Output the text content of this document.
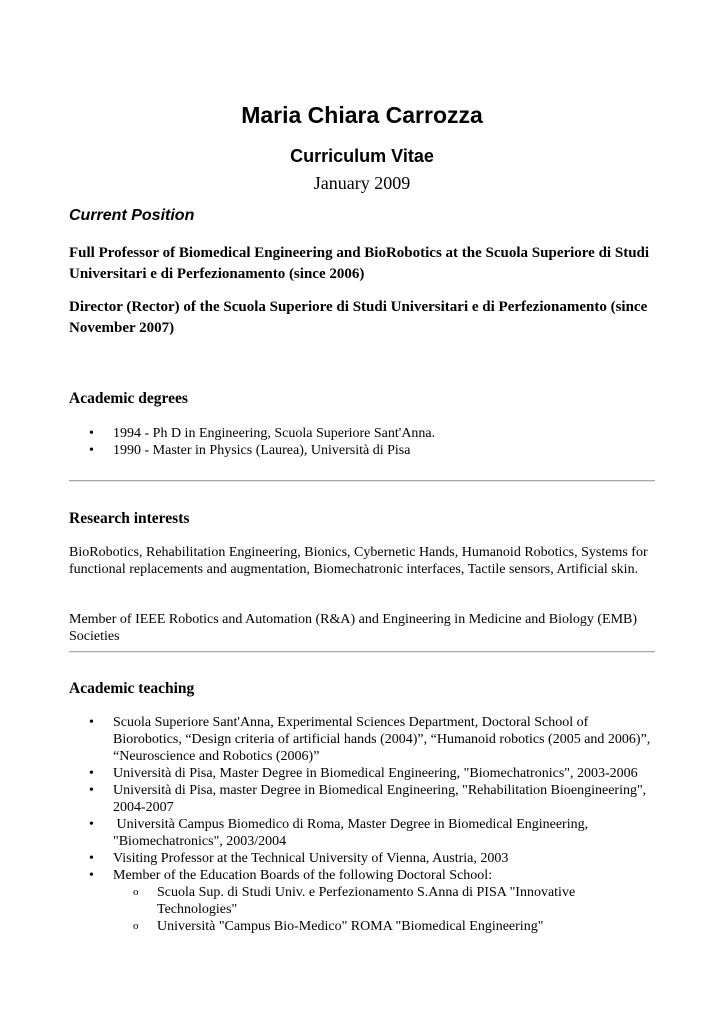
Maria Chiara Carrozza
Curriculum Vitae
January 2009
Current Position
Full Professor of Biomedical Engineering and BioRobotics at the Scuola Superiore di Studi Universitari e di Perfezionamento (since 2006)
Director (Rector) of the Scuola Superiore di Studi Universitari e di Perfezionamento (since November 2007)
Academic degrees
• 1994 - Ph D in Engineering, Scuola Superiore Sant'Anna.
• 1990 - Master in Physics (Laurea), Università di Pisa
Research interests
BioRobotics, Rehabilitation Engineering, Bionics, Cybernetic Hands, Humanoid Robotics, Systems for functional replacements and augmentation, Biomechatronic interfaces, Tactile sensors, Artificial skin.
Member of IEEE Robotics and Automation (R&A) and Engineering in Medicine and Biology (EMB) Societies
Academic teaching
• Scuola Superiore Sant'Anna, Experimental Sciences Department, Doctoral School of Biorobotics, “Design criteria of artificial hands (2004)”, “Humanoid robotics (2005 and 2006)”, “Neuroscience and Robotics (2006)”
• Università di Pisa, Master Degree in Biomedical Engineering, "Biomechatronics", 2003-2006
• Università di Pisa, master Degree in Biomedical Engineering, "Rehabilitation Bioengineering", 2004-2007
• Università Campus Biomedico di Roma, Master Degree in Biomedical Engineering, "Biomechatronics", 2003/2004
• Visiting Professor at the Technical University of Vienna, Austria, 2003
• Member of the Education Boards of the following Doctoral School:
o Scuola Sup. di Studi Univ. e Perfezionamento S.Anna di PISA "Innovative Technologies"
o Università "Campus Bio-Medico" ROMA "Biomedical Engineering"
